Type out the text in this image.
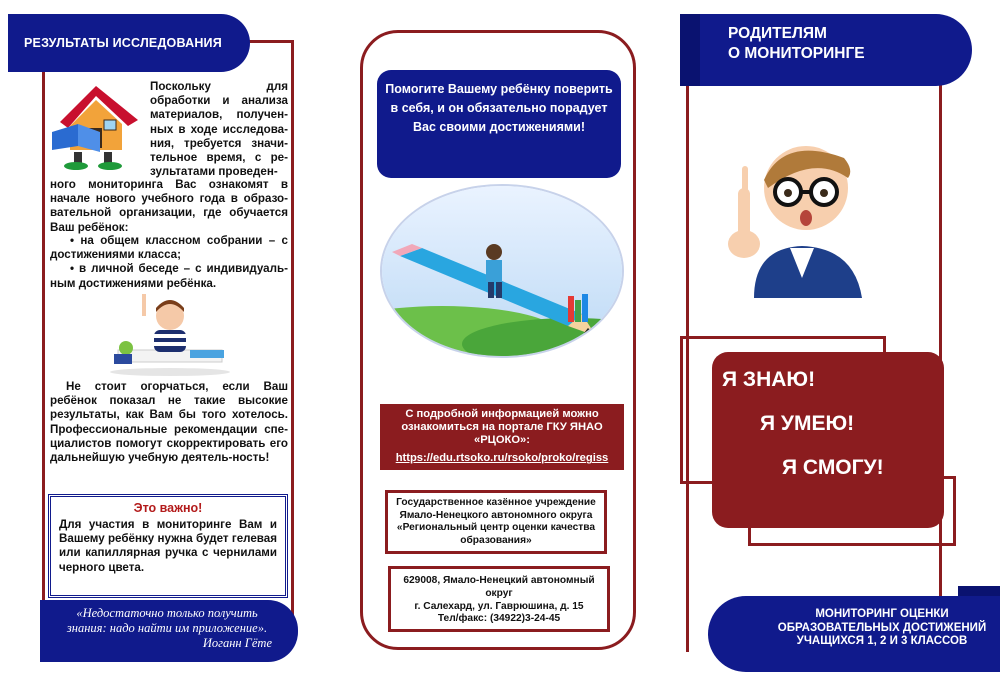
РЕЗУЛЬТАТЫ ИССЛЕДОВАНИЯ
Поскольку для обработки и анализа материалов, получен-ных в ходе исследова-ния, требуется значи-тельное время, с ре-зультатами проведен-
ного мониторинга Вас ознакомят в начале нового учебного года в образо-вательной организации, где обучается Ваш ребёнок:
• на общем классном собрании – с достижениями класса;
• в личной беседе – с индивидуаль-ным достижениями ребёнка.
Не стоит огорчаться, если Ваш ребёнок показал не такие высокие результаты, как Вам бы того хотелось. Профессиональные рекомендации спе-циалистов помогут скорректировать его дальнейшую учебную деятель-ность!
Это важно!
Для участия в мониторинге Вам и Вашему ребёнку нужна будет гелевая или капиллярная ручка с чернилами черного цвета.
«Недостаточно только получить знания: надо найти им приложение».
Иоганн Гёте
Помогите Вашему ребёнку поверить в себя, и он обязательно порадует Вас своими достижениями!
С подробной информацией можно ознакомиться на портале ГКУ ЯНАО «РЦОКО»:
https://edu.rtsoko.ru/rsoko/proko/regiss
Государственное казённое учреждение Ямало-Ненецкого автономного округа «Региональный центр оценки качества образования»
629008, Ямало-Ненецкий автономный округ
г. Салехард, ул. Гаврюшина, д. 15
Тел/факс: (34922)3-24-45
РОДИТЕЛЯМ
О МОНИТОРИНГЕ
Я ЗНАЮ!
Я УМЕЮ!
Я СМОГУ!
МОНИТОРИНГ ОЦЕНКИ ОБРАЗОВАТЕЛЬНЫХ ДОСТИЖЕНИЙ УЧАЩИХСЯ 1, 2 И 3 КЛАССОВ
